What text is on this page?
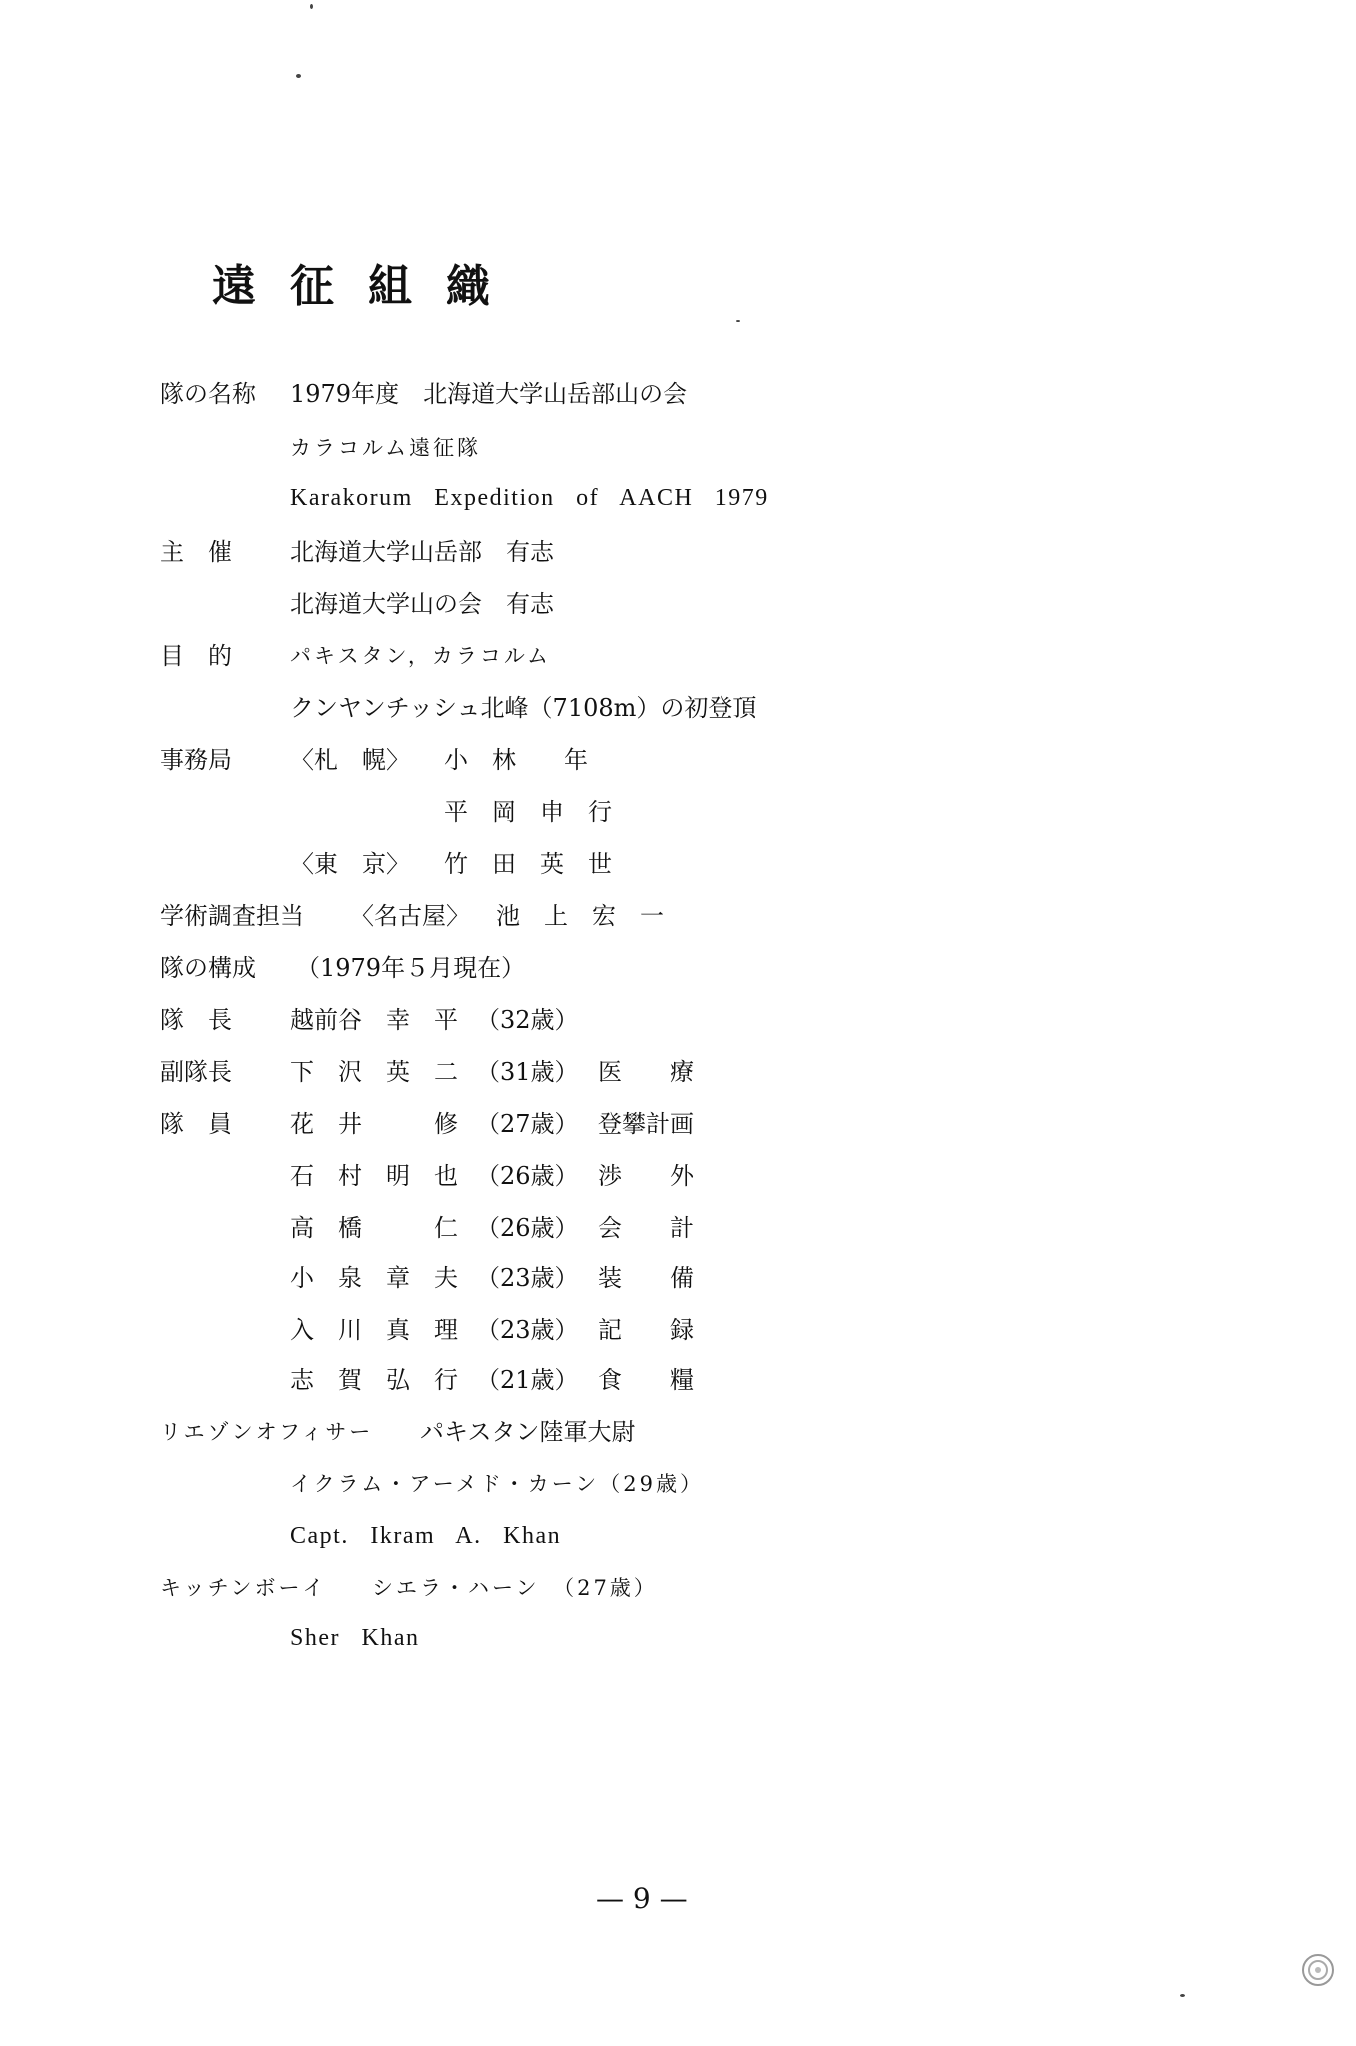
遠征組織
隊の名称 1979年度　北海道大学山岳部山の会
カラコルム遠征隊
Karakorum Expedition of AACH 1979
主　催 北海道大学山岳部　有志
北海道大学山の会　有志
目　的	パキスタン，カラコルム
クンヤンチッシュ北峰（7108m）の初登頂
事務局 〈札　幌〉 小　林　　年
平　岡　申　行
〈東　京〉 竹　田　英　世
学術調査担当 〈名古屋〉 池　上　宏　一
隊の構成 （1979年５月現在）
隊　長 越前谷　幸　平 （32歳）
副隊長 下　沢　英　二 （31歳） 医　　療
隊　員 花　井　　　修 （27歳） 登攀計画
石　村　明　也 （26歳） 渉　　外
高　橋　　　仁 （26歳） 会　　計
小　泉　章　夫 （23歳） 装　　備
入　川　真　理 （23歳） 記　　録
志　賀　弘　行 （21歳） 食　　糧
リエゾンオフィサー パキスタン陸軍大尉
イクラム・アーメド・カーン（29歳）
Capt. Ikram A. Khan
キッチンボーイ シエラ・ハーン　（27歳）
Sher Khan
— 9 —
